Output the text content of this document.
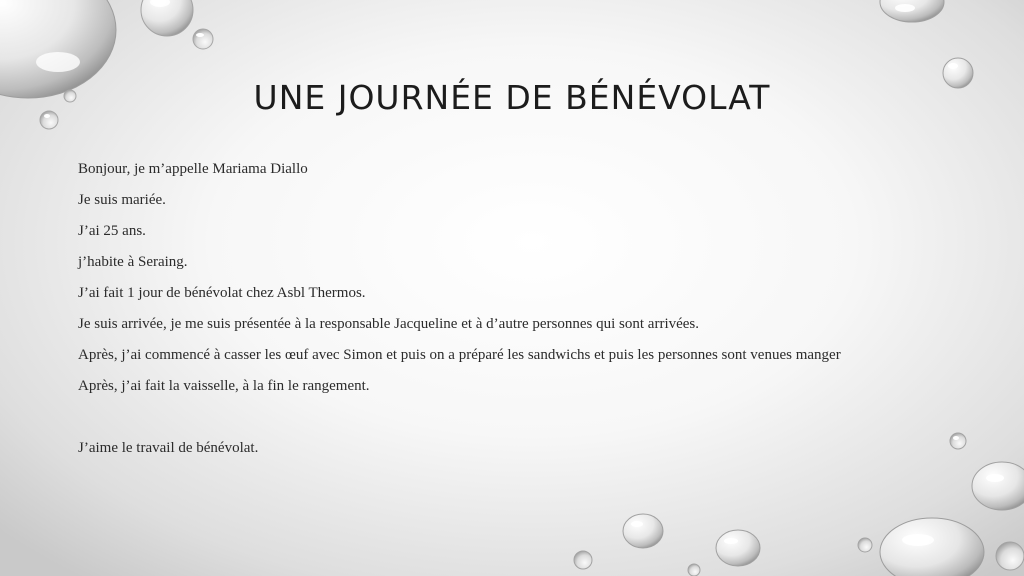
UNE JOURNÉE DE BÉNÉVOLAT
Bonjour, je m’appelle Mariama Diallo
Je suis mariée.
J’ai 25 ans.
j’habite à Seraing.
J’ai fait 1 jour de bénévolat chez Asbl Thermos.
Je suis arrivée, je me suis présentée à la responsable Jacqueline et à d’autre personnes qui sont arrivées.
Après, j’ai commencé à casser les œuf avec Simon et puis on a préparé les sandwichs et puis les personnes sont venues manger
Après, j’ai fait la vaisselle, à la fin le rangement.
J’aime le travail de bénévolat.
